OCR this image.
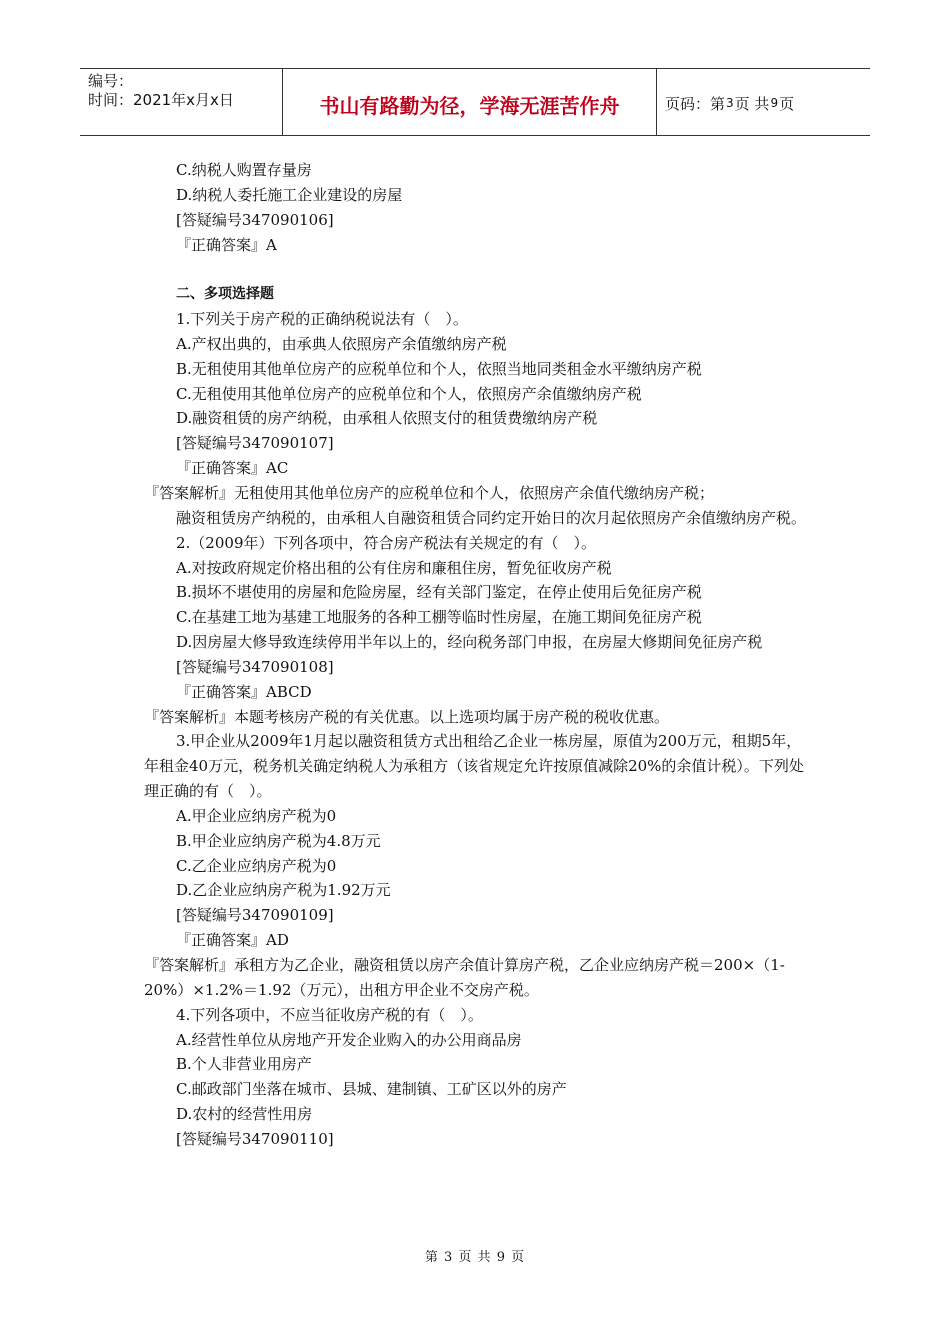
编号：
时间：2021年x月x日	书山有路勤为径，学海无涯苦作舟	页码：第 3 页 共 9 页

C.纳税人购置存量房

D.纳税人委托施工企业建设的房屋

[答疑编号347090106]

『正确答案』A

二、多项选择题

1.下列关于房产税的正确纳税说法有（　）。

A.产权出典的，由承典人依照房产余值缴纳房产税

B.无租使用其他单位房产的应税单位和个人，依照当地同类租金水平缴纳房产税

C.无租使用其他单位房产的应税单位和个人，依照房产余值缴纳房产税

D.融资租赁的房产纳税，由承租人依照支付的租赁费缴纳房产税

[答疑编号347090107]

『正确答案』AC

『答案解析』无租使用其他单位房产的应税单位和个人，依照房产余值代缴纳房产税；

融资租赁房产纳税的，由承租人自融资租赁合同约定开始日的次月起依照房产余值缴纳房产税。

2.（2009年）下列各项中，符合房产税法有关规定的有（　）。

A.对按政府规定价格出租的公有住房和廉租住房，暂免征收房产税

B.损坏不堪使用的房屋和危险房屋，经有关部门鉴定，在停止使用后免征房产税

C.在基建工地为基建工地服务的各种工棚等临时性房屋，在施工期间免征房产税

D.因房屋大修导致连续停用半年以上的，经向税务部门申报，在房屋大修期间免征房产税

[答疑编号347090108]

『正确答案』ABCD

『答案解析』本题考核房产税的有关优惠。以上选项均属于房产税的税收优惠。

3.甲企业从2009年1月起以融资租赁方式出租给乙企业一栋房屋，原值为200万元，租期5年，年租金40万元，税务机关确定纳税人为承租方（该省规定允许按原值减除20%的余值计税）。下列处理正确的有（　）。

A.甲企业应纳房产税为0

B.甲企业应纳房产税为4.8万元

C.乙企业应纳房产税为0

D.乙企业应纳房产税为1.92万元

[答疑编号347090109]

『正确答案』AD

『答案解析』承租方为乙企业，融资租赁以房产余值计算房产税，乙企业应纳房产税＝200×（1-20%）×1.2%＝1.92（万元），出租方甲企业不交房产税。

4.下列各项中，不应当征收房产税的有（　）。

A.经营性单位从房地产开发企业购入的办公用商品房

B.个人非营业用房产

C.邮政部门坐落在城市、县城、建制镇、工矿区以外的房产

D.农村的经营性用房

[答疑编号347090110]

第 3 页 共 9 页
